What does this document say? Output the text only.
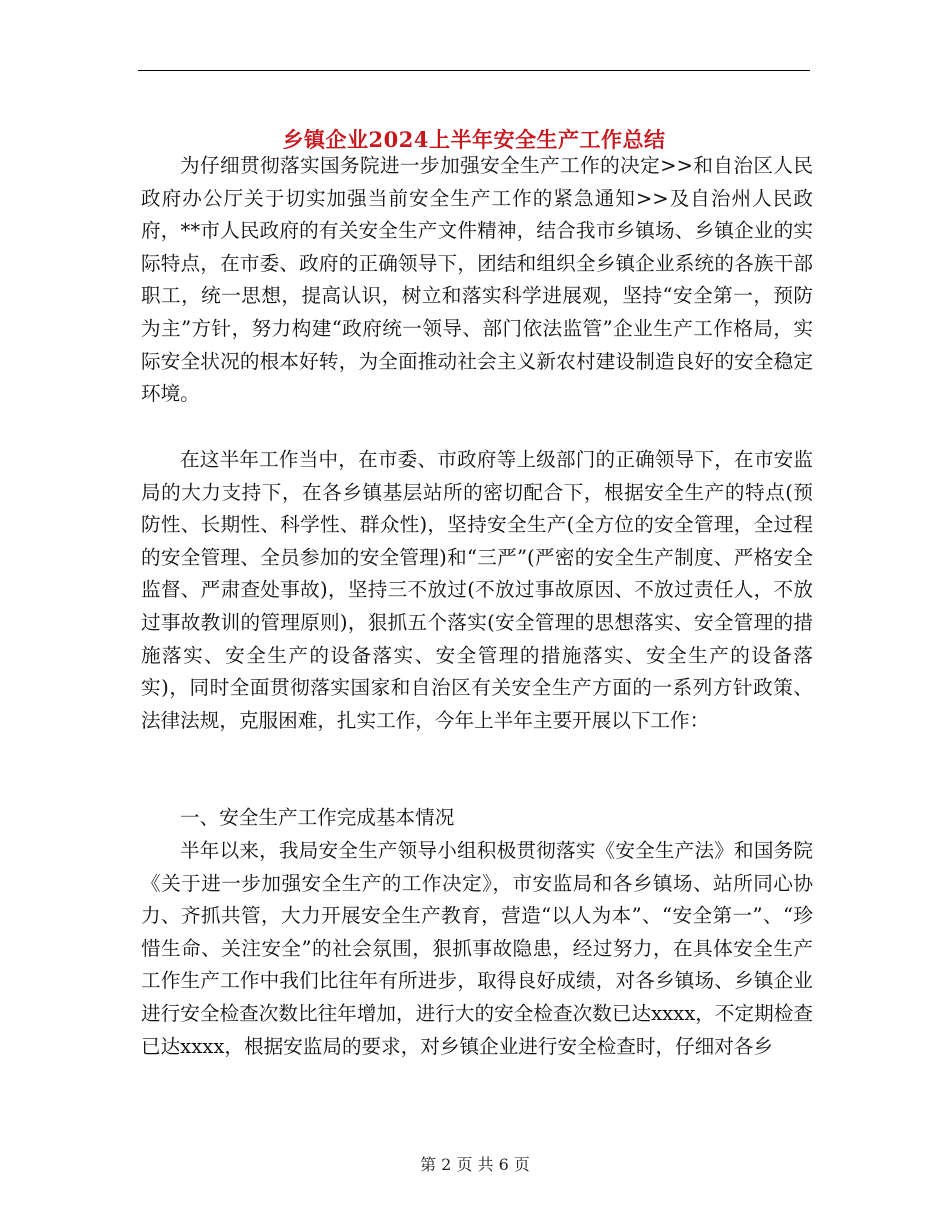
乡镇企业2024上半年安全生产工作总结

为仔细贯彻落实国务院进一步加强安全生产工作的决定>>和自治区人民政府办公厅关于切实加强当前安全生产工作的紧急通知>>及自治州人民政府，**市人民政府的有关安全生产文件精神，结合我市乡镇场、乡镇企业的实际特点，在市委、政府的正确领导下，团结和组织全乡镇企业系统的各族干部职工，统一思想，提高认识，树立和落实科学进展观，坚持“安全第一，预防为主”方针，努力构建“政府统一领导、部门依法监管”企业生产工作格局，实际安全状况的根本好转，为全面推动社会主义新农村建设制造良好的安全稳定环境。

在这半年工作当中，在市委、市政府等上级部门的正确领导下，在市安监局的大力支持下，在各乡镇基层站所的密切配合下，根据安全生产的特点(预防性、长期性、科学性、群众性)，坚持安全生产(全方位的安全管理，全过程的安全管理、全员参加的安全管理)和“三严”(严密的安全生产制度、严格安全监督、严肃查处事故)，坚持三不放过(不放过事故原因、不放过责任人，不放过事故教训的管理原则)，狠抓五个落实(安全管理的思想落实、安全管理的措施落实、安全生产的设备落实、安全管理的措施落实、安全生产的设备落实)，同时全面贯彻落实国家和自治区有关安全生产方面的一系列方针政策、法律法规，克服困难，扎实工作，今年上半年主要开展以下工作：

一、安全生产工作完成基本情况

半年以来，我局安全生产领导小组积极贯彻落实《安全生产法》和国务院《关于进一步加强安全生产的工作决定》，市安监局和各乡镇场、站所同心协力、齐抓共管，大力开展安全生产教育，营造“以人为本”、“安全第一”、“珍惜生命、关注安全”的社会氛围，狠抓事故隐患，经过努力，在具体安全生产工作生产工作中我们比往年有所进步，取得良好成绩，对各乡镇场、乡镇企业进行安全检查次数比往年增加，进行大的安全检查次数已达xxxx，不定期检查已达xxxx，根据安监局的要求，对乡镇企业进行安全检查时，仔细对各乡

第 2 页 共 6 页
